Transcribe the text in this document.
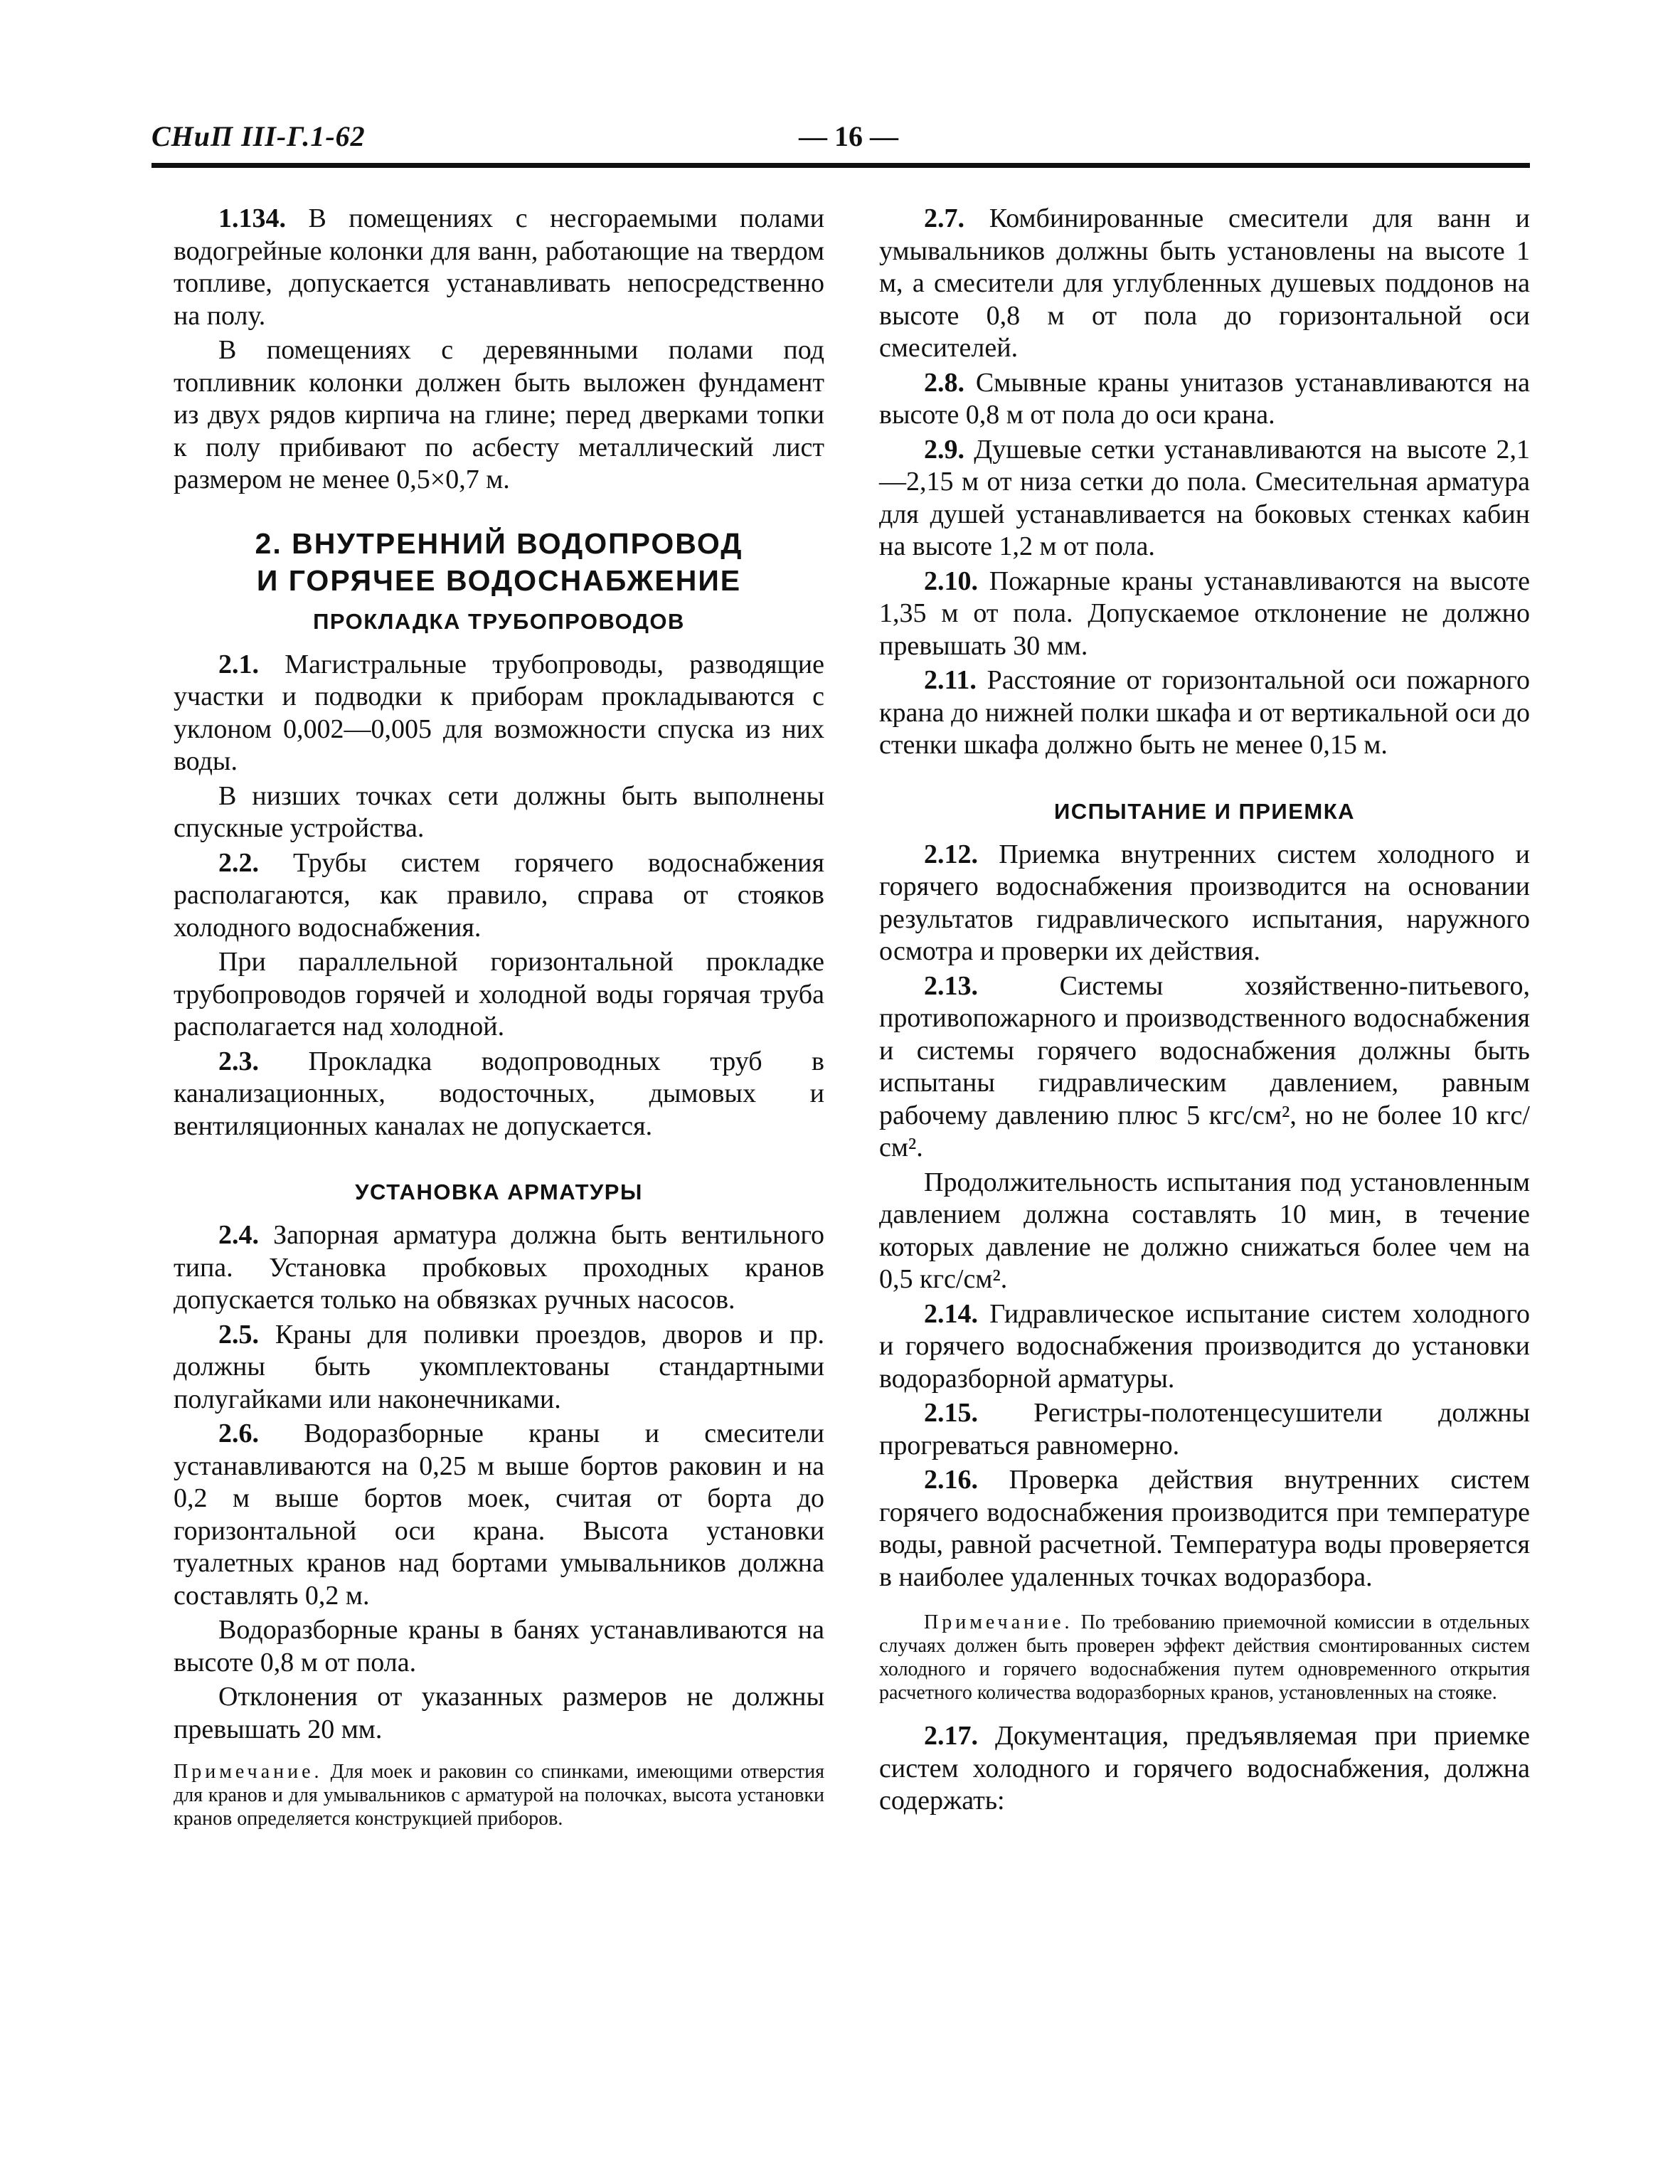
СНиП III-Г.1-62	— 16 —

1.134. В помещениях с несгораемыми полами водогрейные колонки для ванн, работающие на твердом топливе, допускается устанавливать непосредственно на полу.

В помещениях с деревянными полами под топливник колонки должен быть выложен фундамент из двух рядов кирпича на глине; перед дверками топки к полу прибивают по асбесту металлический лист размером не менее 0,5×0,7 м.

2. ВНУТРЕННИЙ ВОДОПРОВОД
И ГОРЯЧЕЕ ВОДОСНАБЖЕНИЕ
ПРОКЛАДКА ТРУБОПРОВОДОВ

2.1. Магистральные трубопроводы, разводящие участки и подводки к приборам прокладываются с уклоном 0,002—0,005 для возможности спуска из них воды.

В низших точках сети должны быть выполнены спускные устройства.

2.2. Трубы систем горячего водоснабжения располагаются, как правило, справа от стояков холодного водоснабжения.

При параллельной горизонтальной прокладке трубопроводов горячей и холодной воды горячая труба располагается над холодной.

2.3. Прокладка водопроводных труб в канализационных, водосточных, дымовых и вентиляционных каналах не допускается.

УСТАНОВКА АРМАТУРЫ

2.4. Запорная арматура должна быть вентильного типа. Установка пробковых проходных кранов допускается только на обвязках ручных насосов.

2.5. Краны для поливки проездов, дворов и пр. должны быть укомплектованы стандартными полугайками или наконечниками.

2.6. Водоразборные краны и смесители устанавливаются на 0,25 м выше бортов раковин и на 0,2 м выше бортов моек, считая от борта до горизонтальной оси крана. Высота установки туалетных кранов над бортами умывальников должна составлять 0,2 м.

Водоразборные краны в банях устанавливаются на высоте 0,8 м от пола.

Отклонения от указанных размеров не должны превышать 20 мм.

Примечание. Для моек и раковин со спинками, имеющими отверстия для кранов и для умывальников с арматурой на полочках, высота установки кранов определяется конструкцией приборов.

2.7. Комбинированные смесители для ванн и умывальников должны быть установлены на высоте 1 м, а смесители для углубленных душевых поддонов на высоте 0,8 м от пола до горизонтальной оси смесителей.

2.8. Смывные краны унитазов устанавливаются на высоте 0,8 м от пола до оси крана.

2.9. Душевые сетки устанавливаются на высоте 2,1—2,15 м от низа сетки до пола. Смесительная арматура для душей устанавливается на боковых стенках кабин на высоте 1,2 м от пола.

2.10. Пожарные краны устанавливаются на высоте 1,35 м от пола. Допускаемое отклонение не должно превышать 30 мм.

2.11. Расстояние от горизонтальной оси пожарного крана до нижней полки шкафа и от вертикальной оси до стенки шкафа должно быть не менее 0,15 м.

ИСПЫТАНИЕ И ПРИЕМКА

2.12. Приемка внутренних систем холодного и горячего водоснабжения производится на основании результатов гидравлического испытания, наружного осмотра и проверки их действия.

2.13. Системы хозяйственно-питьевого, противопожарного и производственного водоснабжения и системы горячего водоснабжения должны быть испытаны гидравлическим давлением, равным рабочему давлению плюс 5 кгс/см², но не более 10 кгс/см².

Продолжительность испытания под установленным давлением должна составлять 10 мин, в течение которых давление не должно снижаться более чем на 0,5 кгс/см².

2.14. Гидравлическое испытание систем холодного и горячего водоснабжения производится до установки водоразборной арматуры.

2.15. Регистры-полотенцесушители должны прогреваться равномерно.

2.16. Проверка действия внутренних систем горячего водоснабжения производится при температуре воды, равной расчетной. Температура воды проверяется в наиболее удаленных точках водоразбора.

Примечание. По требованию приемочной комиссии в отдельных случаях должен быть проверен эффект действия смонтированных систем холодного и горячего водоснабжения путем одновременного открытия расчетного количества водоразборных кранов, установленных на стояке.

2.17. Документация, предъявляемая при приемке систем холодного и горячего водоснабжения, должна содержать:
